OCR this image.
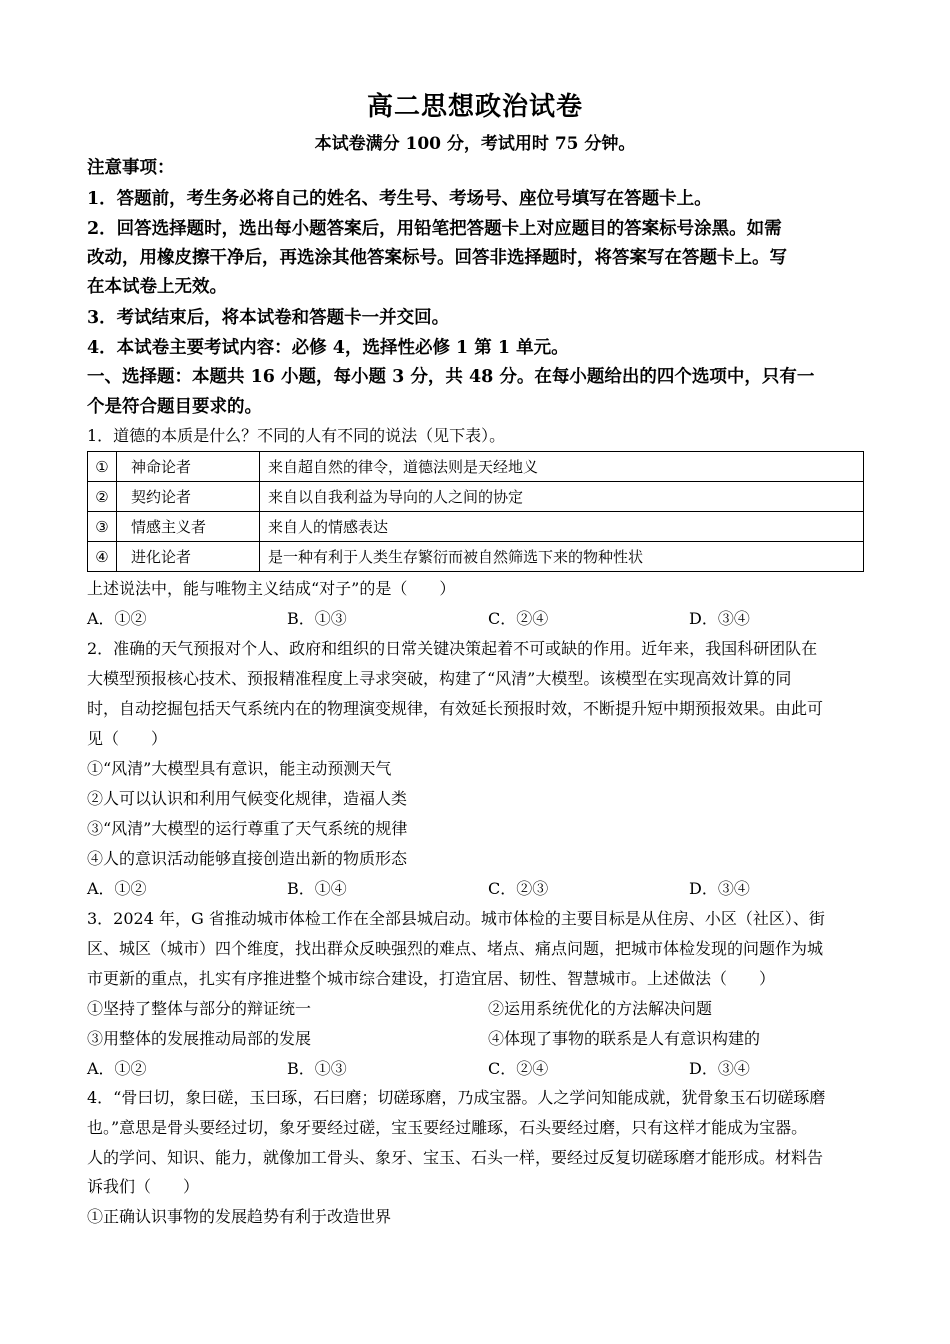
高二思想政治试卷
本试卷满分 100 分，考试用时 75 分钟。
注意事项：
1．答题前，考生务必将自己的姓名、考生号、考场号、座位号填写在答题卡上。
2．回答选择题时，选出每小题答案后，用铅笔把答题卡上对应题目的答案标号涂黑。如需
改动，用橡皮擦干净后，再选涂其他答案标号。回答非选择题时，将答案写在答题卡上。写
在本试卷上无效。
3．考试结束后，将本试卷和答题卡一并交回。
4．本试卷主要考试内容：必修 4，选择性必修 1 第 1 单元。
一、选择题：本题共 16 小题，每小题 3 分，共 48 分。在每小题给出的四个选项中，只有一
个是符合题目要求的。
1．道德的本质是什么？不同的人有不同的说法（见下表）。
①	神命论者	来自超自然的律令，道德法则是天经地义
②	契约论者	来自以自我利益为导向的人之间的协定
③	情感主义者	来自人的情感表达
④	进化论者	是一种有利于人类生存繁衍而被自然筛选下来的物种性状
上述说法中，能与唯物主义结成“对子”的是（　　）
A．①②	B．①③	C．②④	D．③④
2．准确的天气预报对个人、政府和组织的日常关键决策起着不可或缺的作用。近年来，我国科研团队在
大模型预报核心技术、预报精准程度上寻求突破，构建了“风清”大模型。该模型在实现高效计算的同
时，自动挖掘包括天气系统内在的物理演变规律，有效延长预报时效，不断提升短中期预报效果。由此可
见（　　）
①“风清”大模型具有意识，能主动预测天气
②人可以认识和利用气候变化规律，造福人类
③“风清”大模型的运行尊重了天气系统的规律
④人的意识活动能够直接创造出新的物质形态
A．①②	B．①④	C．②③	D．③④
3．2024 年，G 省推动城市体检工作在全部县城启动。城市体检的主要目标是从住房、小区（社区）、街
区、城区（城市）四个维度，找出群众反映强烈的难点、堵点、痛点问题，把城市体检发现的问题作为城
市更新的重点，扎实有序推进整个城市综合建设，打造宜居、韧性、智慧城市。上述做法（　　）
①坚持了整体与部分的辩证统一	②运用系统优化的方法解决问题
③用整体的发展推动局部的发展	④体现了事物的联系是人有意识构建的
A．①②	B．①③	C．②④	D．③④
4．“骨曰切，象曰磋，玉曰琢，石曰磨；切磋琢磨，乃成宝器。人之学问知能成就，犹骨象玉石切磋琢磨
也。”意思是骨头要经过切，象牙要经过磋，宝玉要经过雕琢，石头要经过磨，只有这样才能成为宝器。
人的学问、知识、能力，就像加工骨头、象牙、宝玉、石头一样，要经过反复切磋琢磨才能形成。材料告
诉我们（　　）
①正确认识事物的发展趋势有利于改造世界
